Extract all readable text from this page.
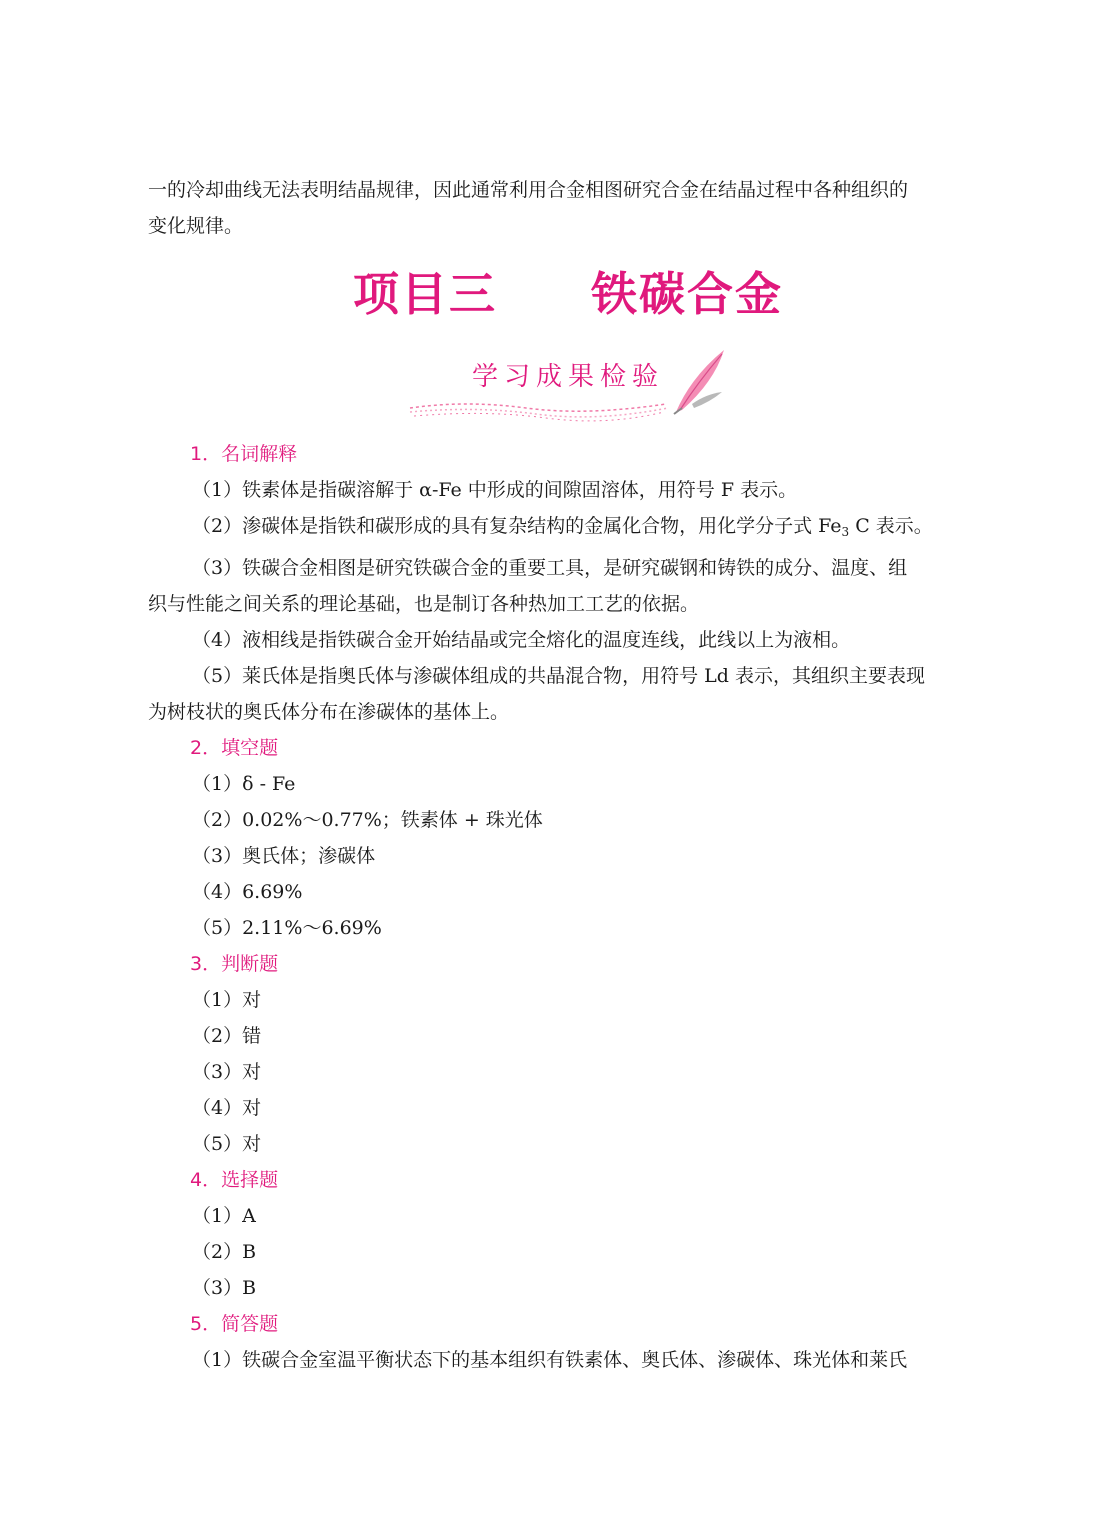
一的冷却曲线无法表明结晶规律，因此通常利用合金相图研究合金在结晶过程中各种组织的

变化规律。

项目三 铁碳合金
学习成果检验

1．名词解释

（1）铁素体是指碳溶解于 α-Fe 中形成的间隙固溶体，用符号 F 表示。

（2）渗碳体是指铁和碳形成的具有复杂结构的金属化合物，用化学分子式 $Fe_3$ C 表示。

（3）铁碳合金相图是研究铁碳合金的重要工具，是研究碳钢和铸铁的成分、温度、组

织与性能之间关系的理论基础，也是制订各种热加工工艺的依据。

（4）液相线是指铁碳合金开始结晶或完全熔化的温度连线，此线以上为液相。

（5）莱氏体是指奥氏体与渗碳体组成的共晶混合物，用符号 Ld 表示，其组织主要表现

为树枝状的奥氏体分布在渗碳体的基体上。

2．填空题

（1）δ - Fe

（2）0.02%～0.77%；铁素体 + 珠光体

（3）奥氏体；渗碳体

（4）6.69%

（5）2.11%～6.69%

3．判断题

（1）对

（2）错

（3）对

（4）对

（5）对

4．选择题

（1）A

（2）B

（3）B

5．简答题

（1）铁碳合金室温平衡状态下的基本组织有铁素体、奥氏体、渗碳体、珠光体和莱氏
